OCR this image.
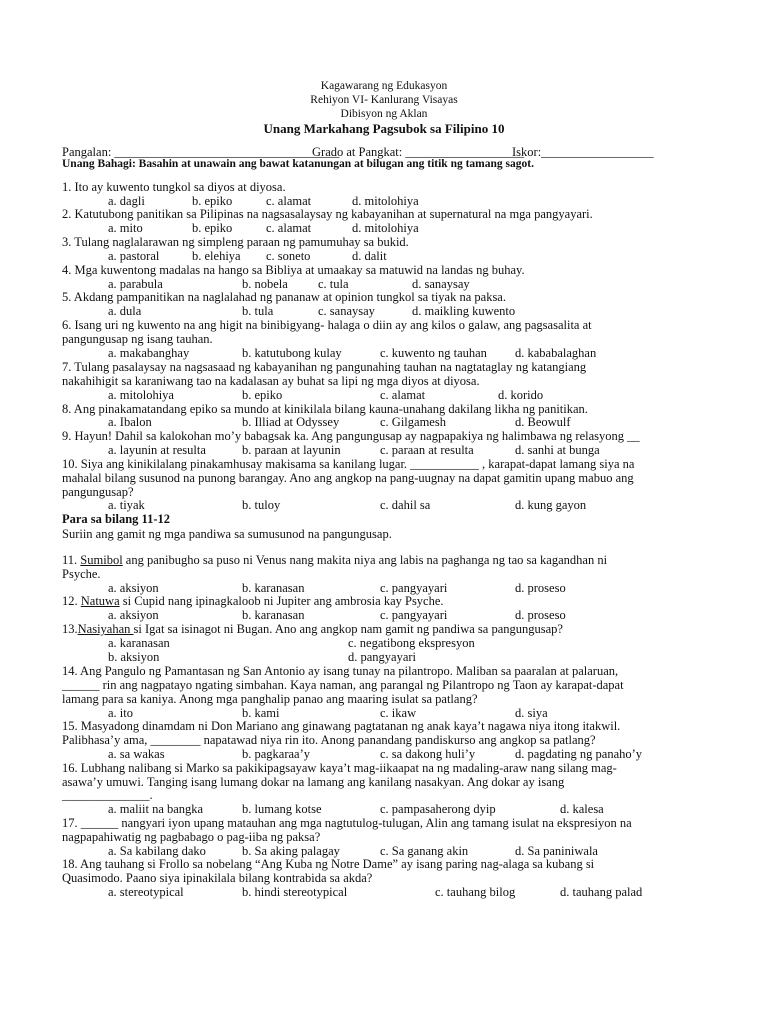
Kagawarang ng Edukasyon
Rehiyon VI- Kanlurang Visayas
Dibisyon ng Aklan
Unang Markahang Pagsubok sa Filipino 10
Pangalan: ____________________________________
Grado at Pangkat: ___________________
Iskor:__________________
Unang Bahagi: Basahin at unawain ang bawat katanungan at bilugan ang titik ng tamang sagot.
1. Ito ay kuwento tungkol sa diyos at diyosa.
a. dagli	b. epiko	c. alamat	d. mitolohiya
2. Katutubong panitikan sa Pilipinas na nagsasalaysay ng kabayanihan at supernatural na mga pangyayari.
a. mito	b. epiko	c. alamat	d. mitolohiya
3. Tulang naglalarawan ng simpleng paraan ng pamumuhay sa bukid.
a. pastoral	b. elehiya c. soneto	d. dalit
4. Mga kuwentong madalas na hango sa Bibliya at umaakay sa matuwid na landas ng buhay.
a. parabula	b. nobela c. tula	d. sanaysay
5. Akdang pampanitikan na naglalahad ng pananaw at opinion tungkol sa tiyak na paksa.
a. dula	b. tula	c. sanaysay	d. maikling kuwento
6. Isang uri ng kuwento na ang higit na binibigyang- halaga o diin ay ang kilos o galaw, ang pagsasalita at
pangungusap ng isang tauhan.
a. makabanghay	b. katutubong kulay	c. kuwento ng tauhan d. kababalaghan
7. Tulang pasalaysay na nagsasaad ng kabayanihan ng pangunahing tauhan na nagtataglay ng katangiang
nakahihigit sa karaniwang tao na kadalasan ay buhat sa lipi ng mga diyos at diyosa.
a. mitolohiya	b. epiko	c. alamat	d. korido
8. Ang pinakamatandang epiko sa mundo at kinikilala bilang kauna-unahang dakilang likha ng panitikan.
a. Ibalon	b. Illiad at Odyssey	c. Gilgamesh	d. Beowulf
9. Hayun! Dahil sa kalokohan mo’y babagsak ka. Ang pangungusap ay nagpapakiya ng halimbawa ng relasyong __
a. layunin at resulta	b. paraan at layunin	c. paraan at resulta	d. sanhi at bunga
10. Siya ang kinikilalang pinakamhusay makisama sa kanilang lugar. ___________ , karapat-dapat lamang siya na
mahalal bilang susunod na punong barangay. Ano ang angkop na pang-uugnay na dapat gamitin upang mabuo ang
pangungusap?
a. tiyak	b. tuloy	c. dahil sa	d. kung gayon
Para sa bilang 11-12
Suriin ang gamit ng mga pandiwa sa sumusunod na pangungusap.
11. Sumibol ang panibugho sa puso ni Venus nang makita niya ang labis na paghanga ng tao sa kagandhan ni
Psyche.
a. aksiyon	b. karanasan	c. pangyayari	d. proseso
12. Natuwa si Cupid nang ipinagkaloob ni Jupiter ang ambrosia kay Psyche.
a. aksiyon	b. karanasan	c. pangyayari	d. proseso
13.Nasiyahan si Igat sa isinagot ni Bugan. Ano ang angkop nam gamit ng pandiwa sa pangungusap?
a. karanasan
b. aksiyon
c. negatibong ekspresyon
d. pangyayari
14. Ang Pangulo ng Pamantasan ng San Antonio ay isang tunay na pilantropo. Maliban sa paaralan at palaruan,
______ rin ang nagpatayo ngating simbahan. Kaya naman, ang parangal ng Pilantropo ng Taon ay karapat-dapat
lamang para sa kaniya. Anong mga panghalip panao ang maaring isulat sa patlang?
a. ito	b. kami	c. ikaw	d. siya
15. Masyadong dinamdam ni Don Mariano ang ginawang pagtatanan ng anak kaya’t nagawa niya itong itakwil.
Palibhasa’y ama, ________ napatawad niya rin ito. Anong panandang pandiskurso ang angkop sa patlang?
a. sa wakas	b. pagkaraa’y	c. sa dakong huli’y	d. pagdating ng panaho’y
16. Lubhang nalibang si Marko sa pakikipagsayaw kaya’t mag-iikaapat na ng madaling-araw nang silang mag-
asawa’y umuwi. Tanging isang lumang dokar na lamang ang kanilang nasakyan. Ang dokar ay isang
______________.
a. maliit na bangka	b. lumang kotse	c. pampasaherong dyip	d. kalesa
17. ______ nangyari iyon upang matauhan ang mga nagtutulog-tulugan, Alin ang tamang isulat na ekspresiyon na
nagpapahiwatig ng pagbabago o pag-iiba ng paksa?
a. Sa kabilang dako	b. Sa aking palagay	c. Sa ganang akin	d. Sa paniniwala
18. Ang tauhang si Frollo sa nobelang “Ang Kuba ng Notre Dame” ay isang paring nag-alaga sa kubang si
Quasimodo. Paano siya ipinakilala bilang kontrabida sa akda?
a. stereotypical	b. hindi stereotypical	c. tauhang bilog	d. tauhang palad
